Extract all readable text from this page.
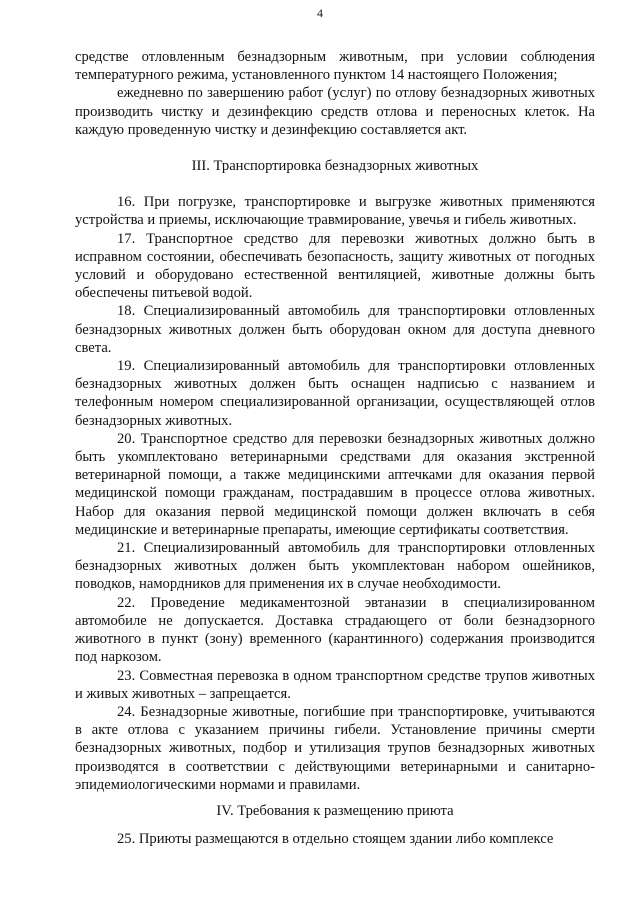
4

средстве отловленным безнадзорным животным, при условии соблюдения температурного режима, установленного пунктом 14 настоящего Положения;

ежедневно по завершению работ (услуг) по отлову безнадзорных животных производить чистку и дезинфекцию средств отлова и переносных клеток. На каждую проведенную чистку и дезинфекцию составляется акт.

III. Транспортировка безнадзорных животных

16. При погрузке, транспортировке и выгрузке животных применяются устройства и приемы, исключающие травмирование, увечья и гибель животных.

17. Транспортное средство для перевозки животных должно быть в исправном состоянии, обеспечивать безопасность, защиту животных от погодных условий и оборудовано естественной вентиляцией, животные должны быть обеспечены питьевой водой.

18. Специализированный автомобиль для транспортировки отловленных безнадзорных животных должен быть оборудован окном для доступа дневного света.

19. Специализированный автомобиль для транспортировки отловленных безнадзорных животных должен быть оснащен надписью с названием и телефонным номером специализированной организации, осуществляющей отлов безнадзорных животных.

20. Транспортное средство для перевозки безнадзорных животных должно быть укомплектовано ветеринарными средствами для оказания экстренной ветеринарной помощи, а также медицинскими аптечками для оказания первой медицинской помощи гражданам, пострадавшим в процессе отлова животных. Набор для оказания первой медицинской помощи должен включать в себя медицинские и ветеринарные препараты, имеющие сертификаты соответствия.

21. Специализированный автомобиль для транспортировки отловленных безнадзорных животных должен быть укомплектован набором ошейников, поводков, намордников для применения их в случае необходимости.

22. Проведение медикаментозной эвтаназии в специализированном автомобиле не допускается. Доставка страдающего от боли безнадзорного животного в пункт (зону) временного (карантинного) содержания производится под наркозом.

23. Совместная перевозка в одном транспортном средстве трупов животных и живых животных – запрещается.

24. Безнадзорные животные, погибшие при транспортировке, учитываются в акте отлова с указанием причины гибели. Установление причины смерти безнадзорных животных, подбор и утилизация трупов безнадзорных животных производятся в соответствии с действующими ветеринарными и санитарно-эпидемиологическими нормами и правилами.

IV. Требования к размещению приюта

25. Приюты размещаются в отдельно стоящем здании либо комплексе
